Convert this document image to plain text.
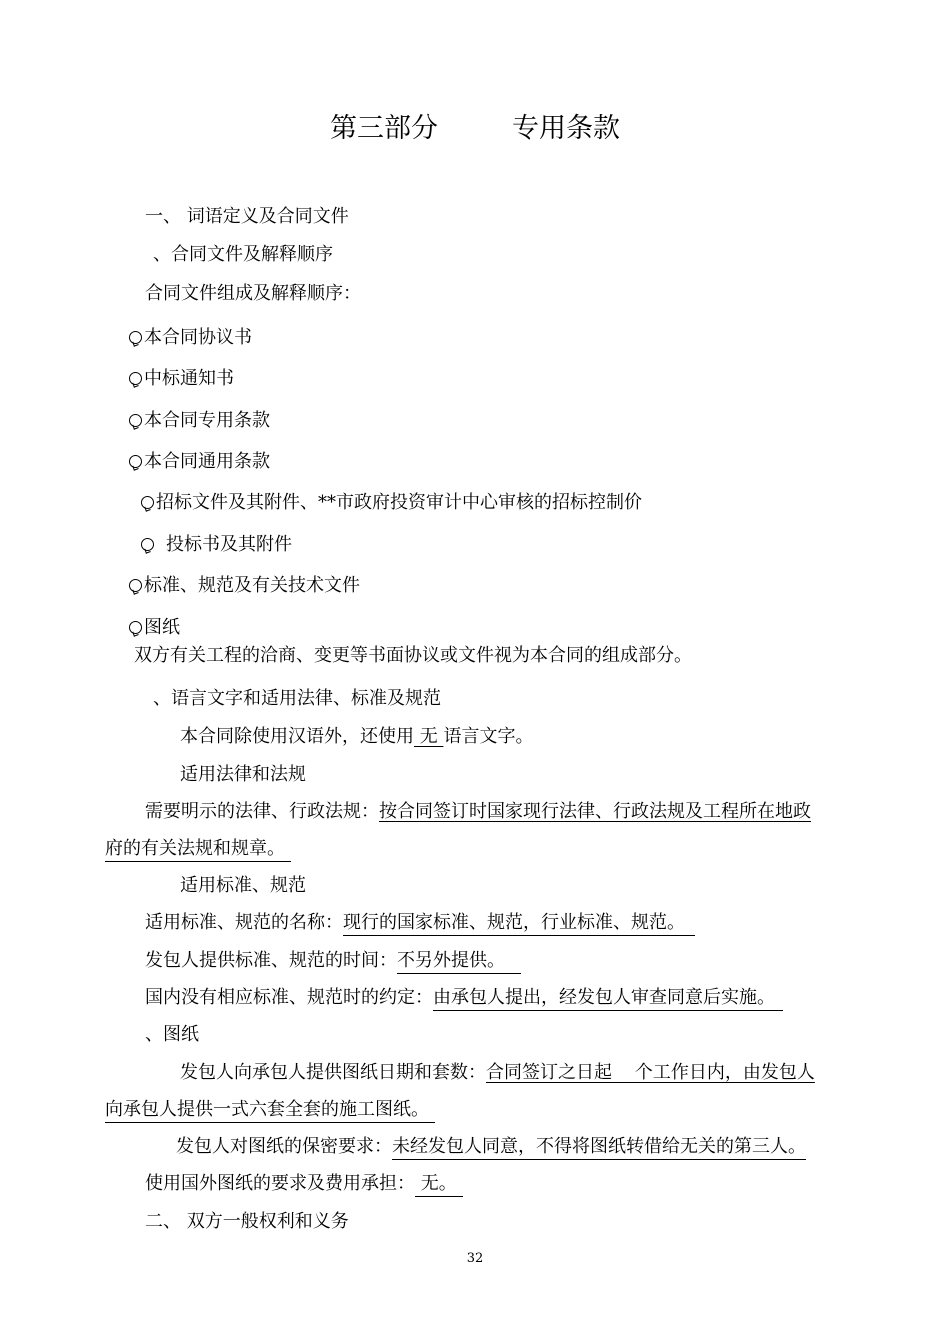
第三部分	专用条款
一、 词语定义及合同文件
、合同文件及解释顺序
合同文件组成及解释顺序：
本合同协议书
中标通知书
本合同专用条款
本合同通用条款
招标文件及其附件、**市政府投资审计中心审核的招标控制价
投标书及其附件
标准、规范及有关技术文件
图纸
双方有关工程的洽商、变更等书面协议或文件视为本合同的组成部分。
、语言文字和适用法律、标准及规范
本合同除使用汉语外，还使用 无 语言文字。
适用法律和法规
需要明示的法律、行政法规：按合同签订时国家现行法律、行政法规及工程所在地政
府的有关法规和规章。
适用标准、规范
适用标准、规范的名称：现行的国家标准、规范，行业标准、规范。
发包人提供标准、规范的时间：不另外提供。
国内没有相应标准、规范时的约定：由承包人提出，经发包人审查同意后实施。
、图纸
发包人向承包人提供图纸日期和套数：合同签订之日起    个工作日内，由发包人
向承包人提供一式六套全套的施工图纸。
发包人对图纸的保密要求：未经发包人同意，不得将图纸转借给无关的第三人。
使用国外图纸的要求及费用承担： 无。
二、 双方一般权利和义务
32
